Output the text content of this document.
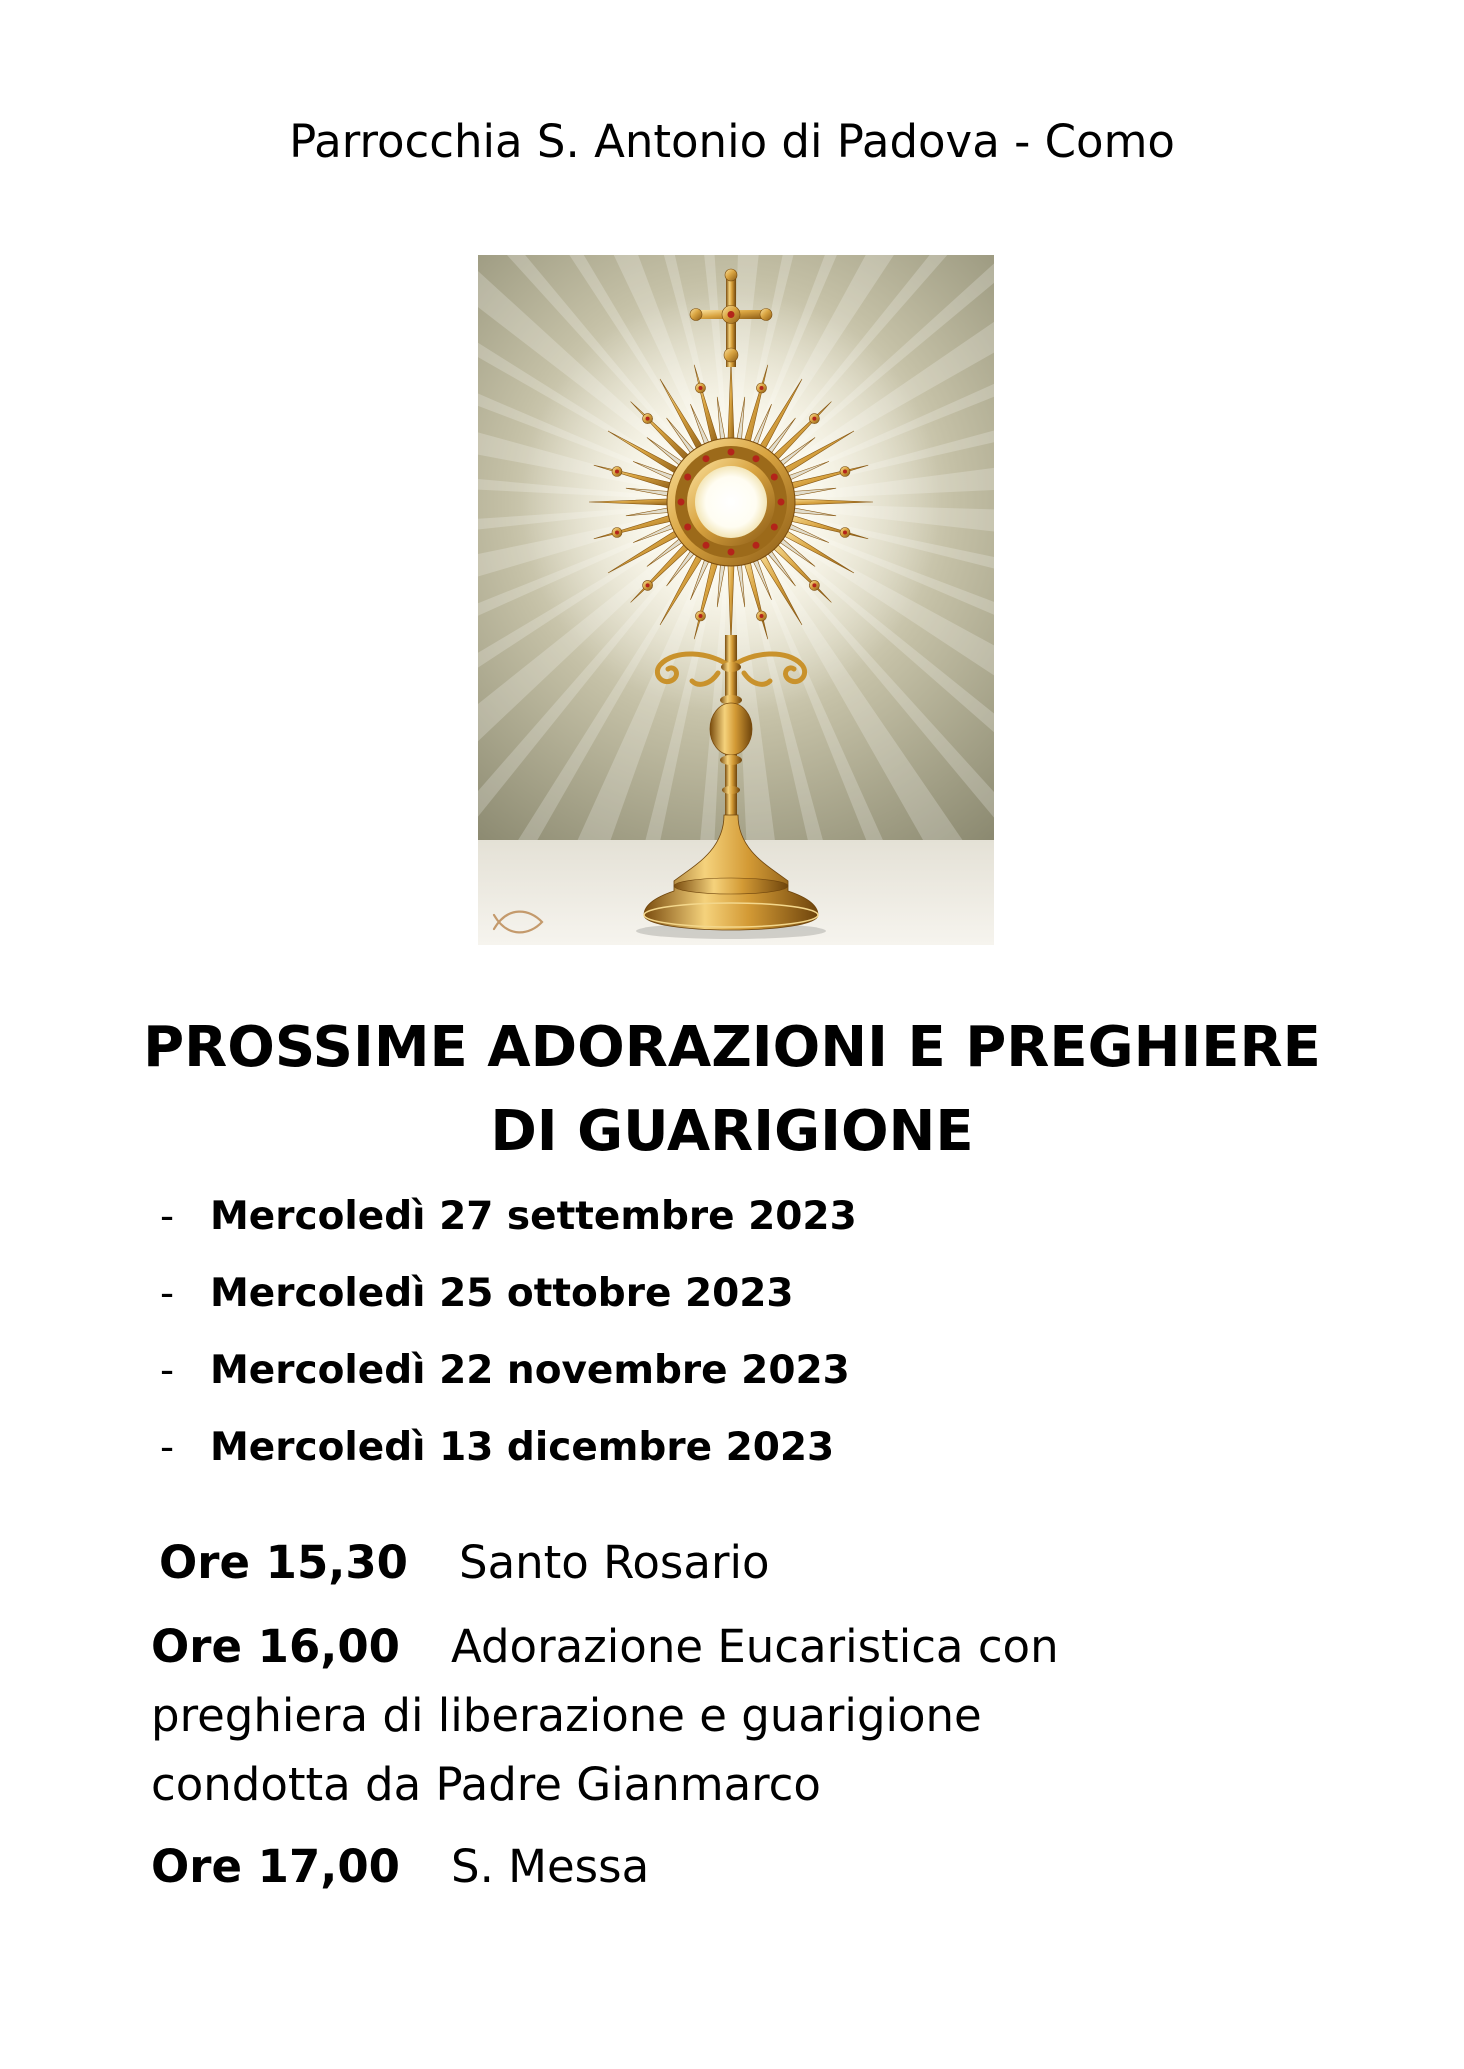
Parrocchia S. Antonio di Padova - Como
PROSSIME ADORAZIONI E PREGHIERE
DI GUARIGIONE
- Mercoledì 27 settembre 2023
- Mercoledì 25 ottobre 2023
- Mercoledì 22 novembre 2023
- Mercoledì 13 dicembre 2023
Ore 15,30 Santo Rosario
Ore 16,00 Adorazione Eucaristica con
preghiera di liberazione e guarigione
condotta da Padre Gianmarco
Ore 17,00 S. Messa
